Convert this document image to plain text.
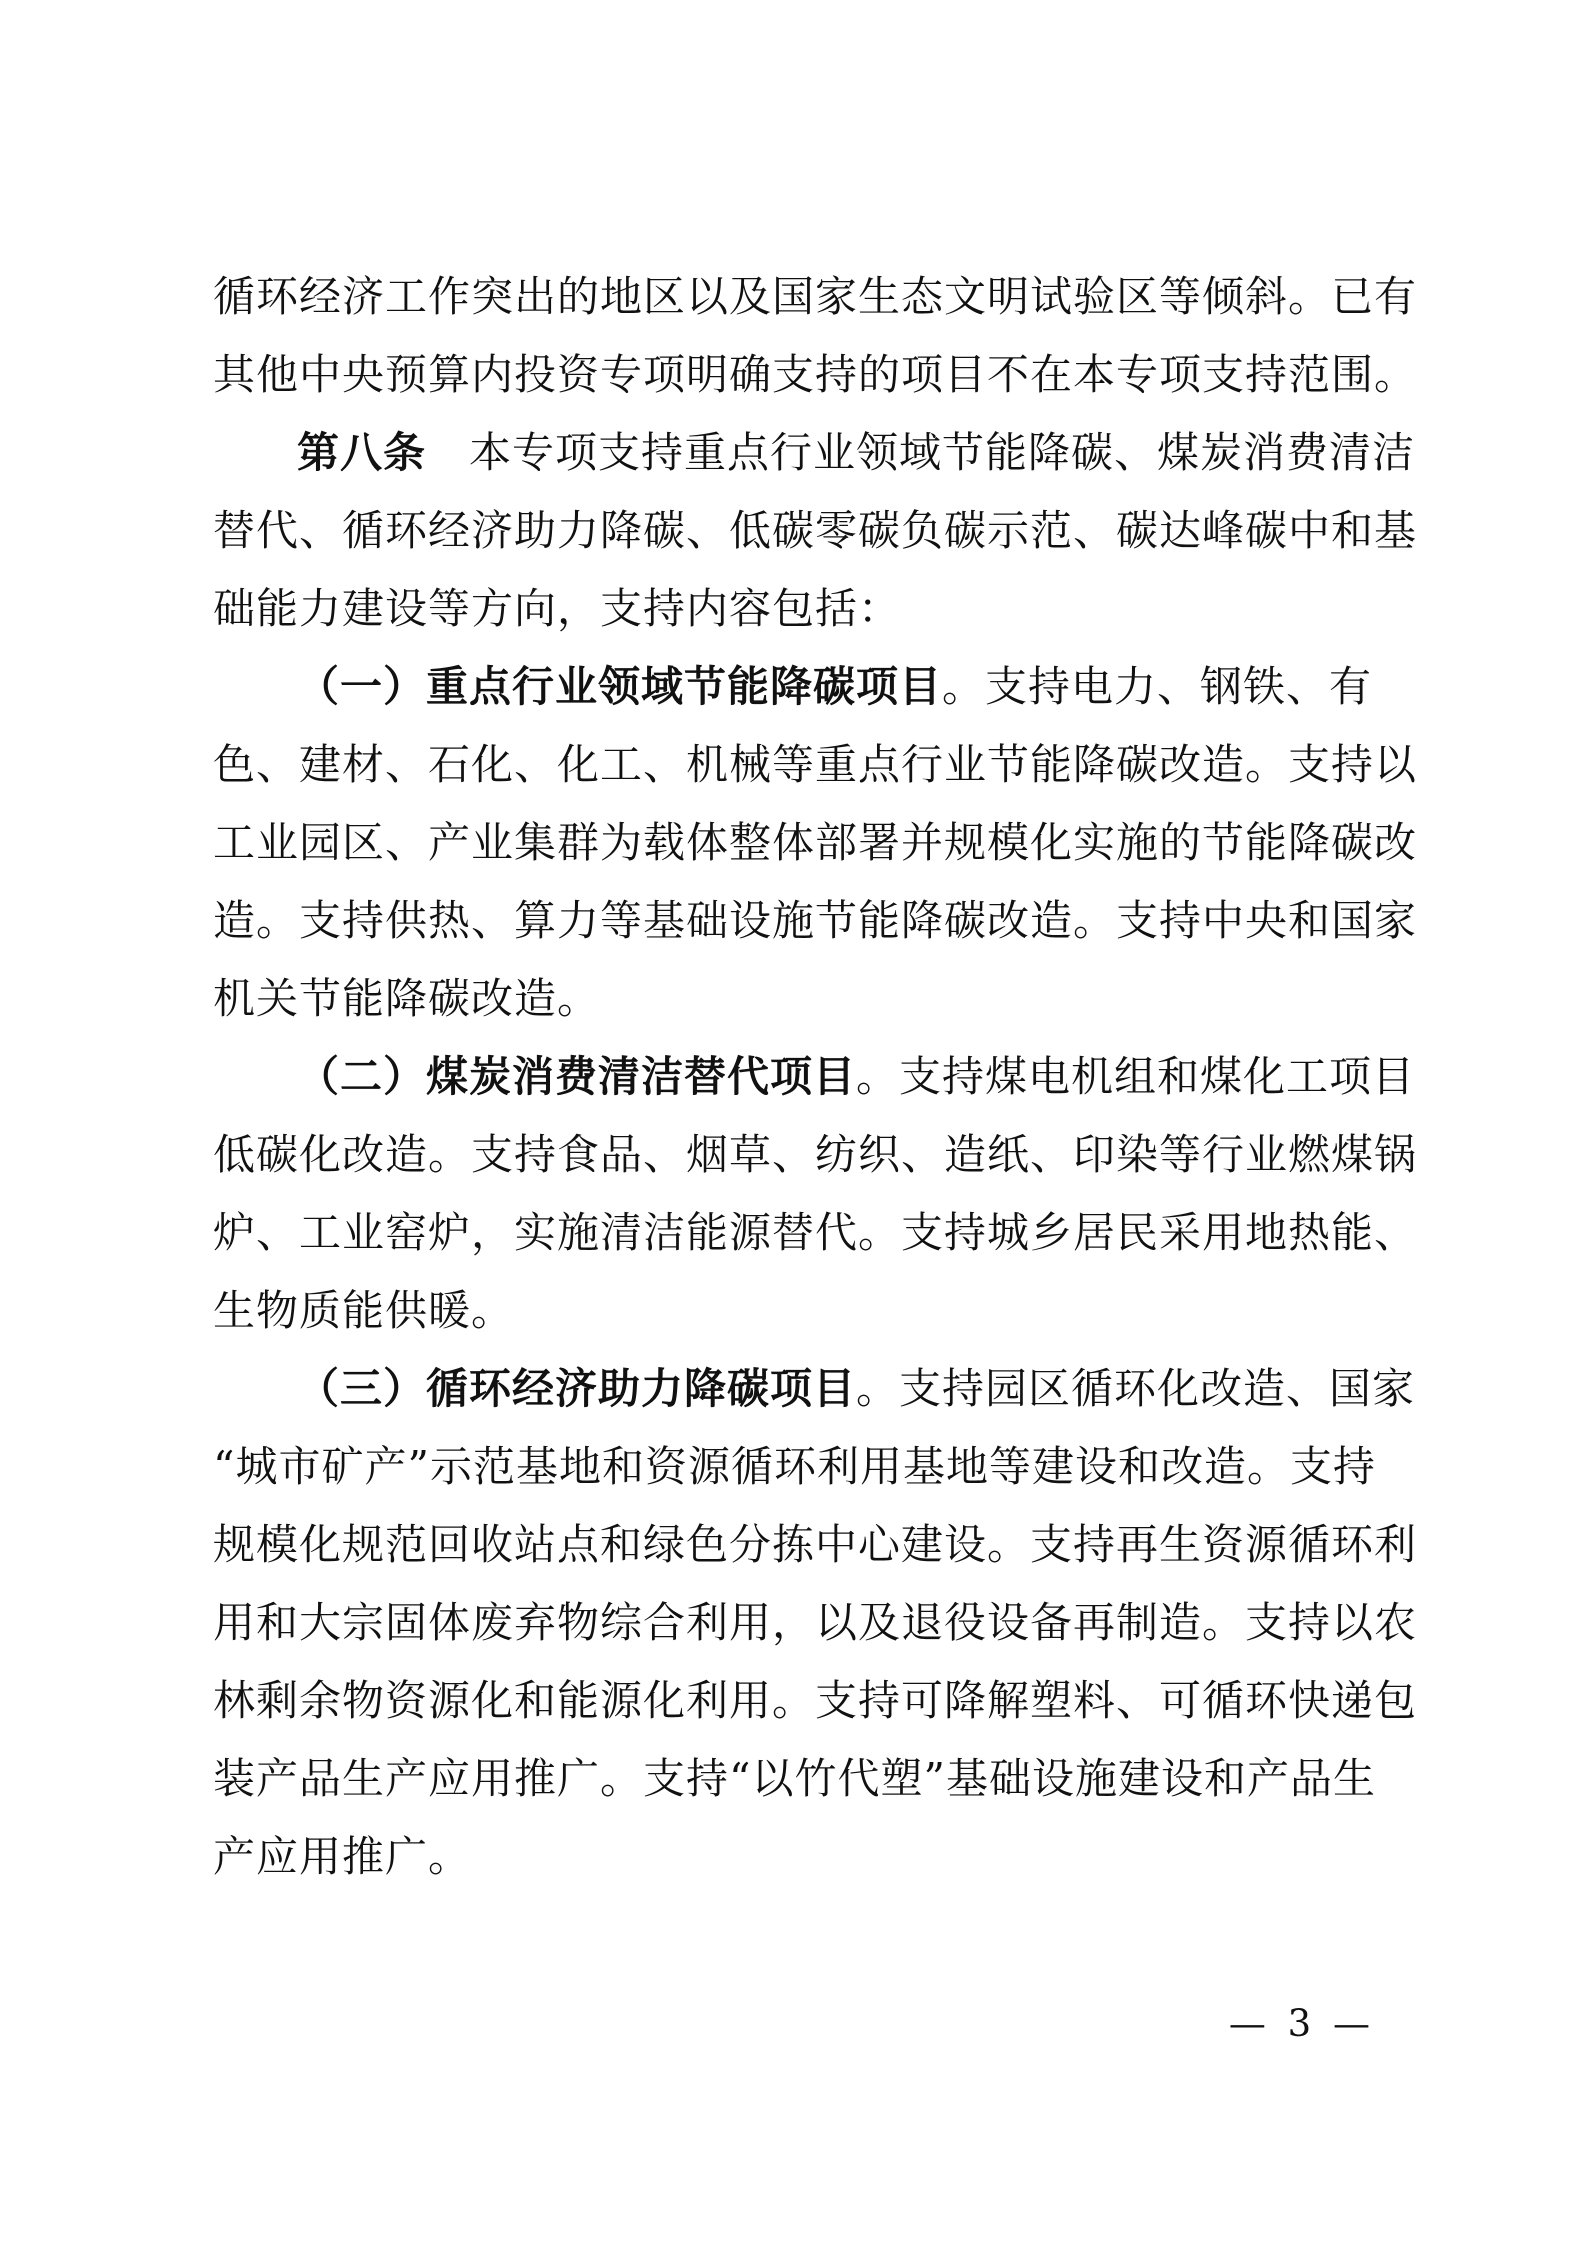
循环经济工作突出的地区以及国家生态文明试验区等倾斜。已有
其他中央预算内投资专项明确支持的项目不在本专项支持范围。
第八条　本专项支持重点行业领域节能降碳、煤炭消费清洁
替代、循环经济助力降碳、低碳零碳负碳示范、碳达峰碳中和基
础能力建设等方向，支持内容包括：
（一）重点行业领域节能降碳项目。支持电力、钢铁、有
色、建材、石化、化工、机械等重点行业节能降碳改造。支持以
工业园区、产业集群为载体整体部署并规模化实施的节能降碳改
造。支持供热、算力等基础设施节能降碳改造。支持中央和国家
机关节能降碳改造。
（二）煤炭消费清洁替代项目。支持煤电机组和煤化工项目
低碳化改造。支持食品、烟草、纺织、造纸、印染等行业燃煤锅
炉、工业窑炉，实施清洁能源替代。支持城乡居民采用地热能、
生物质能供暖。
（三）循环经济助力降碳项目。支持园区循环化改造、国家
“城市矿产”示范基地和资源循环利用基地等建设和改造。支持
规模化规范回收站点和绿色分拣中心建设。支持再生资源循环利
用和大宗固体废弃物综合利用，以及退役设备再制造。支持以农
林剩余物资源化和能源化利用。支持可降解塑料、可循环快递包
装产品生产应用推广。支持“以竹代塑”基础设施建设和产品生
产应用推广。
— 3 —
